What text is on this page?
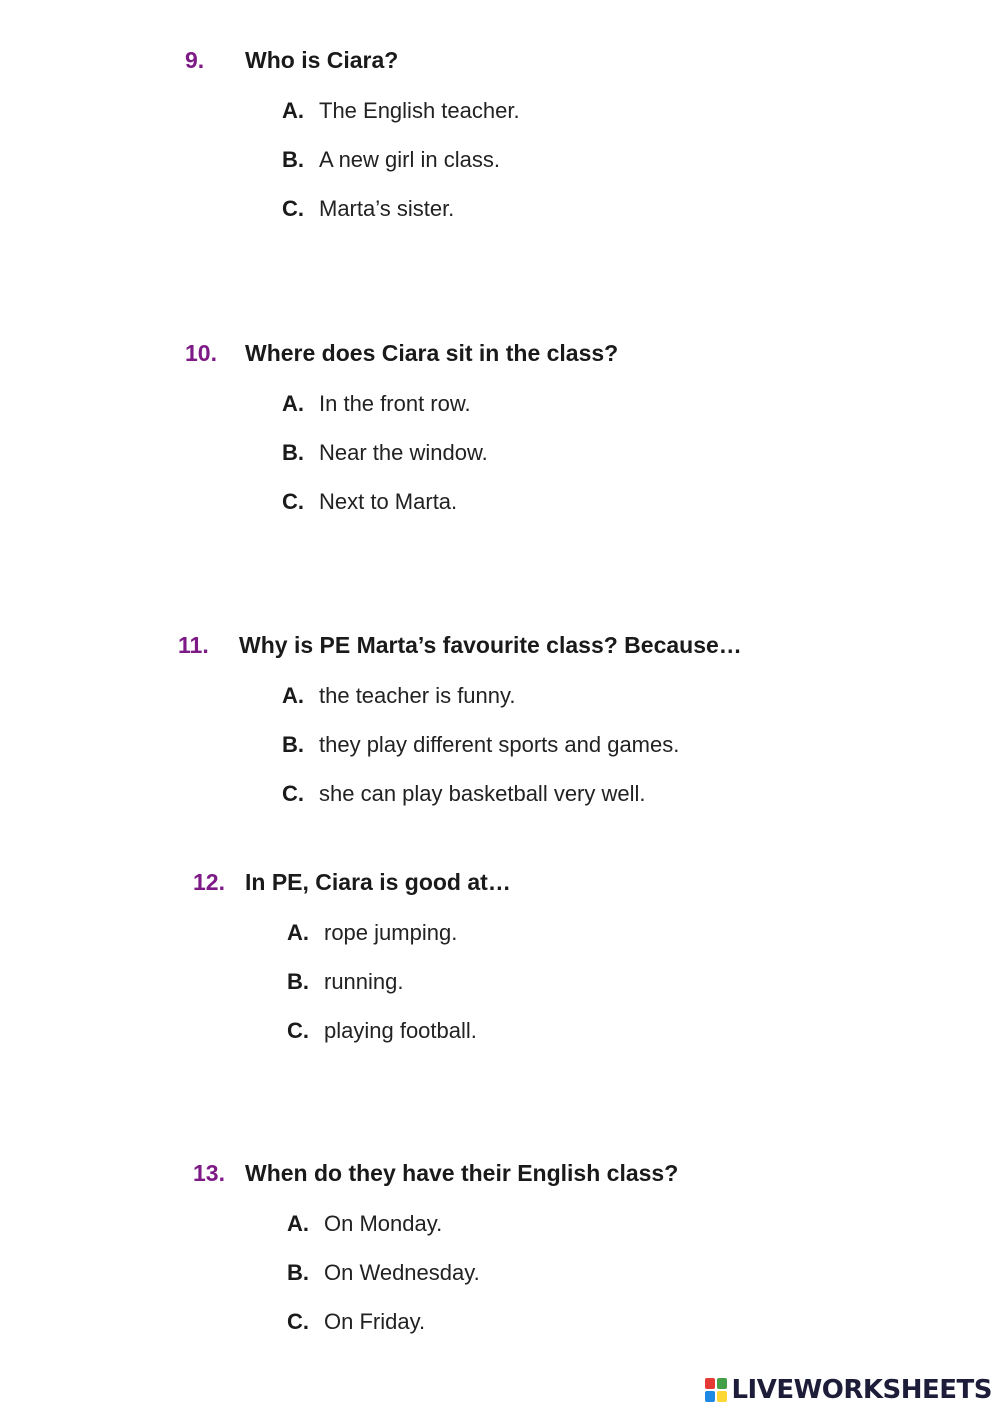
9.	Who is Ciara?
A. The English teacher.
B. A new girl in class.
C. Marta’s sister.
10.	Where does Ciara sit in the class?
A. In the front row.
B. Near the window.
C. Next to Marta.
11.	Why is PE Marta’s favourite class? Because…
A. the teacher is funny.
B. they play different sports and games.
C. she can play basketball very well.
12. In PE, Ciara is good at…
A. rope jumping.
B. running.
C. playing football.
13. When do they have their English class?
A. On Monday.
B. On Wednesday.
C. On Friday.
LIVEWORKSHEETS
